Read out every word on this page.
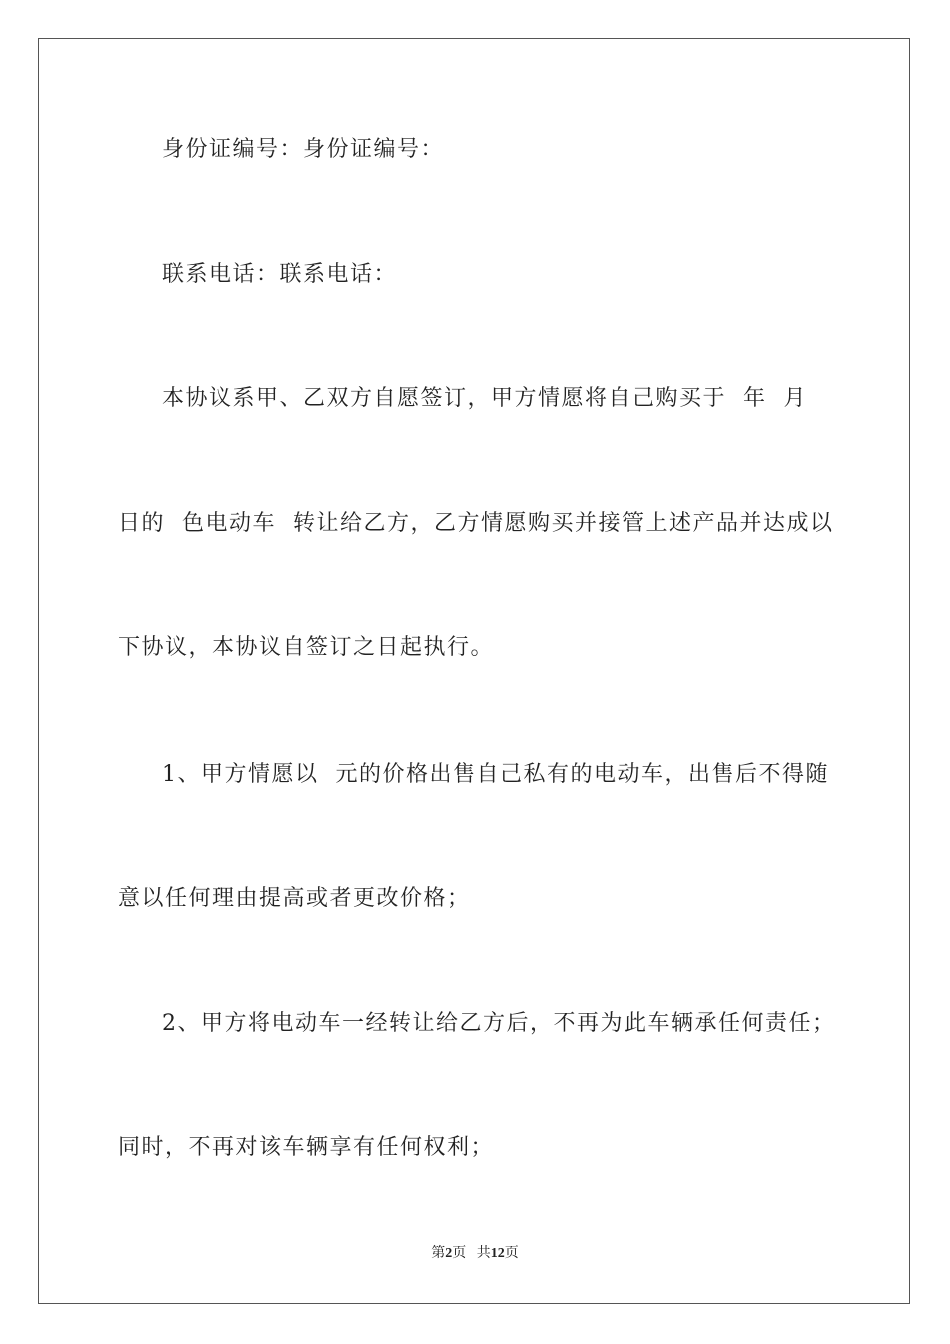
身份证编号：身份证编号：
联系电话：联系电话：
本协议系甲、乙双方自愿签订，甲方情愿将自己购买于  年  月
日的  色电动车  转让给乙方，乙方情愿购买并接管上述产品并达成以
下协议，本协议自签订之日起执行。
1、甲方情愿以  元的价格出售自己私有的电动车，出售后不得随
意以任何理由提高或者更改价格；
2、甲方将电动车一经转让给乙方后，不再为此车辆承任何责任；
同时，不再对该车辆享有任何权利；
第2页 共12页
